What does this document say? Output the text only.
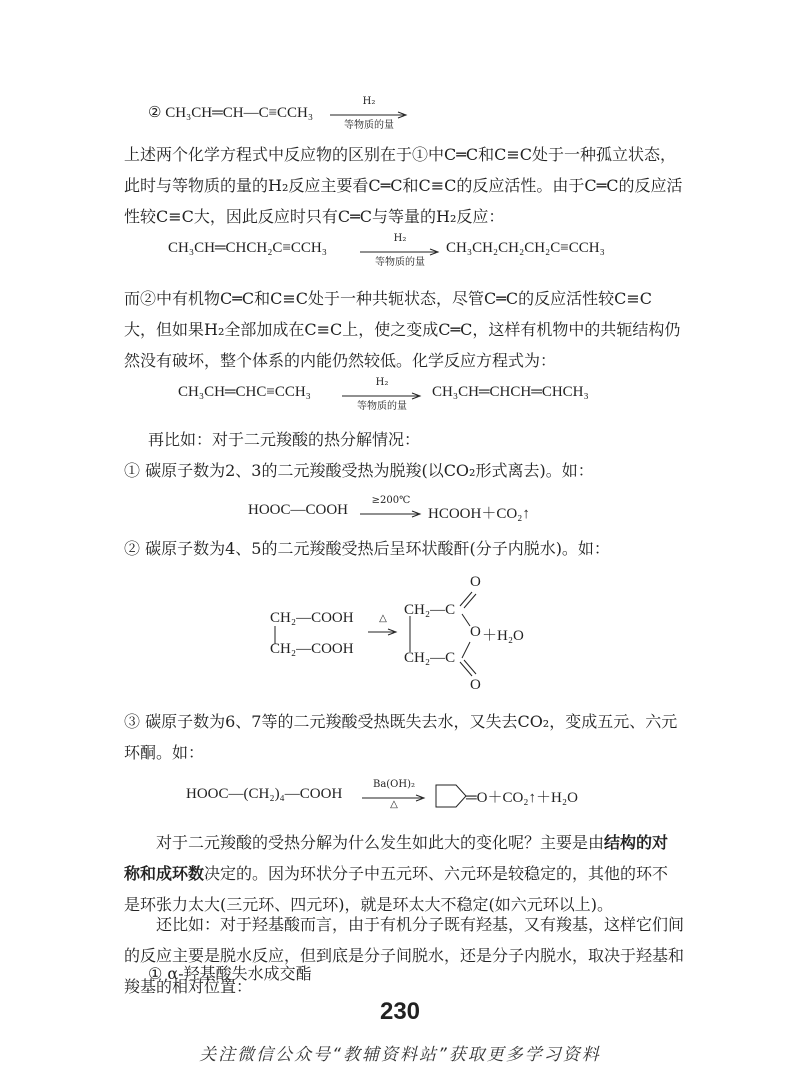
② CH₃CH═CH—C≡CCH₃
H₂
等物质的量

上述两个化学方程式中反应物的区别在于①中C═C和C≡C处于一种孤立状态，此时与等物质的量的H₂反应主要看C═C和C≡C的反应活性。由于C═C的反应活性较C≡C大，因此反应时只有C═C与等量的H₂反应：

CH₃CH═CHCH₂C≡CCH₃
H₂
等物质的量
CH₃CH₂CH₂CH₂C≡CCH₃

而②中有机物C═C和C≡C处于一种共轭状态，尽管C═C的反应活性较C≡C大，但如果H₂全部加成在C≡C上，使之变成C═C，这样有机物中的共轭结构仍然没有破坏，整个体系的内能仍然较低。化学反应方程式为：

CH₃CH═CHC≡CCH₃
H₂
等物质的量
CH₃CH═CHCH═CHCH₃
再比如：对于二元羧酸的热分解情况：
① 碳原子数为2、3的二元羧酸受热为脱羧(以CO₂形式离去)。如：
HOOC—COOH
≥200℃
HCOOH＋CO₂↑
② 碳原子数为4、5的二元羧酸受热后呈环状酸酐(分子内脱水)。如：
CH₂—COOH
CH₂—COOH
△
O
CH₂—C
O ＋H₂O
CH₂—C
O

③ 碳原子数为6、7等的二元羧酸受热既失去水，又失去CO₂，变成五元、六元环酮。如：

HOOC—(CH₂)₄—COOH
Ba(OH)₂
△	═O＋CO₂↑＋H₂O

对于二元羧酸的受热分解为什么发生如此大的变化呢？主要是由结构的对称和成环数决定的。因为环状分子中五元环、六元环是较稳定的，其他的环不是环张力太大(三元环、四元环)，就是环太大不稳定(如六元环以上)。

还比如：对于羟基酸而言，由于有机分子既有羟基，又有羧基，这样它们间的反应主要是脱水反应，但到底是分子间脱水，还是分子内脱水，取决于羟基和羧基的相对位置：

① α-羟基酸失水成交酯
230
关注微信公众号“教辅资料站”获取更多学习资料
